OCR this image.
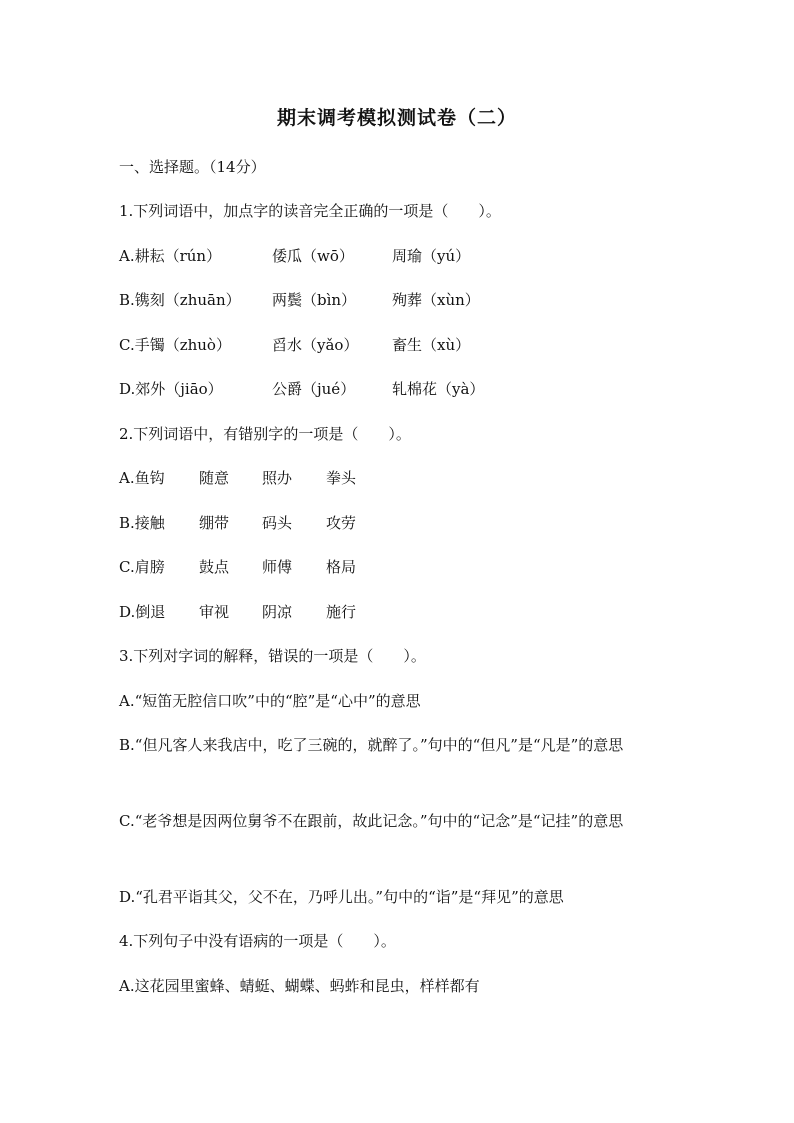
期末调考模拟测试卷（二）
一、选择题。（14分）
1.下列词语中，加点字的读音完全正确的一项是（　　）。
A.耕耘（rún）	倭瓜（wō）	周瑜（yú）
B.镌刻（zhuān） 两鬓（bìn） 殉葬（xùn）
C.手镯（zhuò）	舀水（yǎo） 畜生（xù）
D.郊外（jiāo）	公爵（jué） 轧棉花（yà）
2.下列词语中，有错别字的一项是（　　）。
A.鱼钩 随意 照办 拳头
B.接触 绷带 码头 攻劳
C.肩膀 鼓点 师傅 格局
D.倒退 审视 阴凉 施行
3.下列对字词的解释，错误的一项是（　　）。
A.“短笛无腔信口吹”中的“腔”是“心中”的意思
B.“但凡客人来我店中，吃了三碗的，就醉了。”句中的“但凡”是“凡是”的意思
C.“老爷想是因两位舅爷不在跟前，故此记念。”句中的“记念”是“记挂”的意思
D.“孔君平诣其父，父不在，乃呼儿出。”句中的“诣”是“拜见”的意思
4.下列句子中没有语病的一项是（　　）。
A.这花园里蜜蜂、蜻蜓、蝴蝶、蚂蚱和昆虫，样样都有
